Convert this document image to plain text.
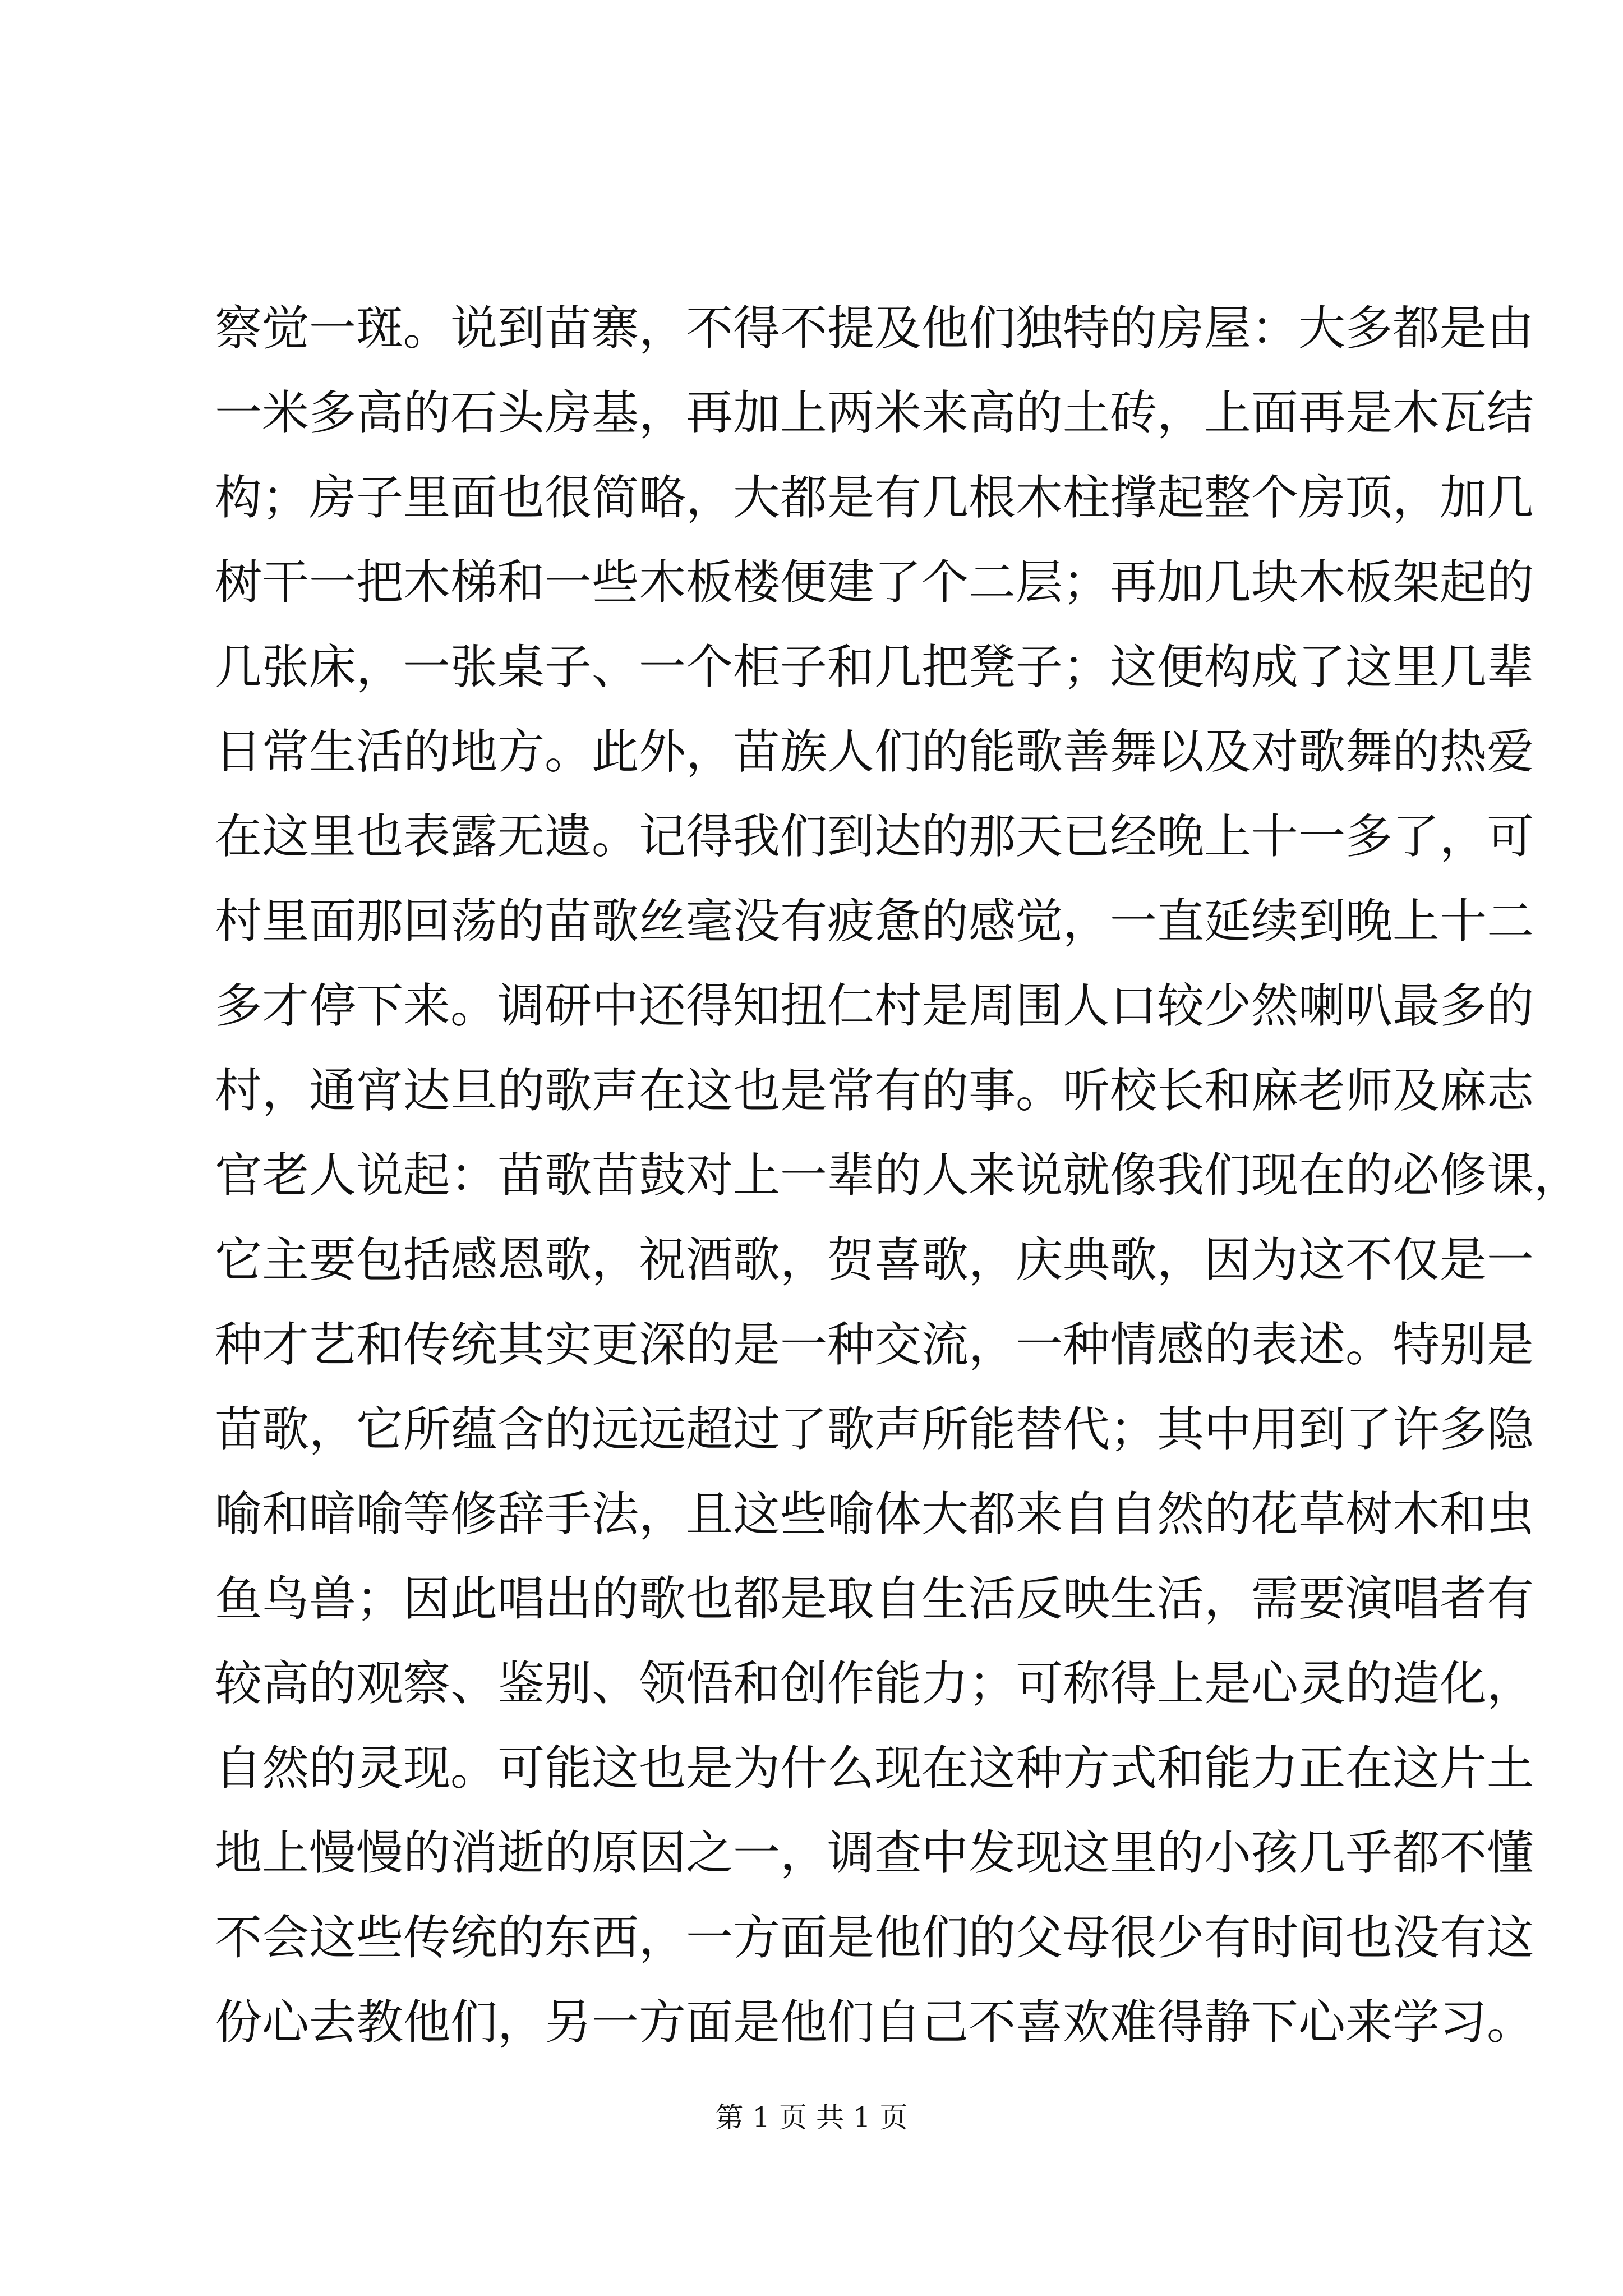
察觉一斑。说到苗寨，不得不提及他们独特的房屋：大多都是由
一米多高的石头房基，再加上两米来高的土砖，上面再是木瓦结
构；房子里面也很简略，大都是有几根木柱撑起整个房顶，加几
树干一把木梯和一些木板楼便建了个二层；再加几块木板架起的
几张床，一张桌子、一个柜子和几把凳子；这便构成了这里几辈
日常生活的地方。此外，苗族人们的能歌善舞以及对歌舞的热爱
在这里也表露无遗。记得我们到达的那天已经晚上十一多了，可
村里面那回荡的苗歌丝毫没有疲惫的感觉，一直延续到晚上十二
多才停下来。调研中还得知扭仁村是周围人口较少然喇叭最多的
村，通宵达旦的歌声在这也是常有的事。听校长和麻老师及麻志
官老人说起：苗歌苗鼓对上一辈的人来说就像我们现在的必修课，
它主要包括感恩歌，祝酒歌，贺喜歌，庆典歌，因为这不仅是一
种才艺和传统其实更深的是一种交流，一种情感的表述。特别是
苗歌，它所蕴含的远远超过了歌声所能替代；其中用到了许多隐
喻和暗喻等修辞手法，且这些喻体大都来自自然的花草树木和虫
鱼鸟兽；因此唱出的歌也都是取自生活反映生活，需要演唱者有
较高的观察、鉴别、领悟和创作能力；可称得上是心灵的造化，
自然的灵现。可能这也是为什么现在这种方式和能力正在这片土
地上慢慢的消逝的原因之一，调查中发现这里的小孩几乎都不懂
不会这些传统的东西，一方面是他们的父母很少有时间也没有这
份心去教他们，另一方面是他们自己不喜欢难得静下心来学习。
第 1 页 共 1 页
